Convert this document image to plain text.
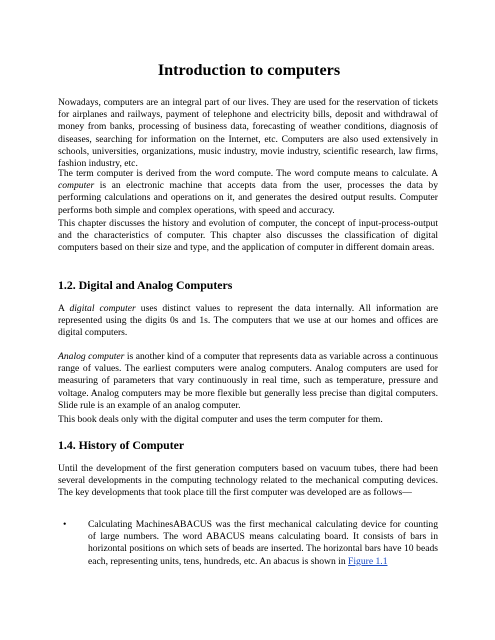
Introduction to computers

Nowadays, computers are an integral part of our lives. They are used for the reservation of tickets for airplanes and railways, payment of telephone and electricity bills, deposit and withdrawal of money from banks, processing of business data, forecasting of weather conditions, diagnosis of diseases, searching for information on the Internet, etc. Computers are also used extensively in schools, universities, organizations, music industry, movie industry, scientific research, law firms, fashion industry, etc.

The term computer is derived from the word compute. The word compute means to calculate. A computer is an electronic machine that accepts data from the user, processes the data by performing calculations and operations on it, and generates the desired output results. Computer performs both simple and complex operations, with speed and accuracy.

This chapter discusses the history and evolution of computer, the concept of input-process-output and the characteristics of computer. This chapter also discusses the classification of digital computers based on their size and type, and the application of computer in different domain areas.

1.2. Digital and Analog Computers

A digital computer uses distinct values to represent the data internally. All information are represented using the digits 0s and 1s. The computers that we use at our homes and offices are digital computers.

Analog computer is another kind of a computer that represents data as variable across a continuous range of values. The earliest computers were analog computers. Analog computers are used for measuring of parameters that vary continuously in real time, such as temperature, pressure and voltage. Analog computers may be more flexible but generally less precise than digital computers. Slide rule is an example of an analog computer.

This book deals only with the digital computer and uses the term computer for them.

1.4. History of Computer

Until the development of the first generation computers based on vacuum tubes, there had been several developments in the computing technology related to the mechanical computing devices. The key developments that took place till the first computer was developed are as follows—

• Calculating MachinesABACUS was the first mechanical calculating device for counting of large numbers. The word ABACUS means calculating board. It consists of bars in horizontal positions on which sets of beads are inserted. The horizontal bars have 10 beads each, representing units, tens, hundreds, etc. An abacus is shown in Figure 1.1
